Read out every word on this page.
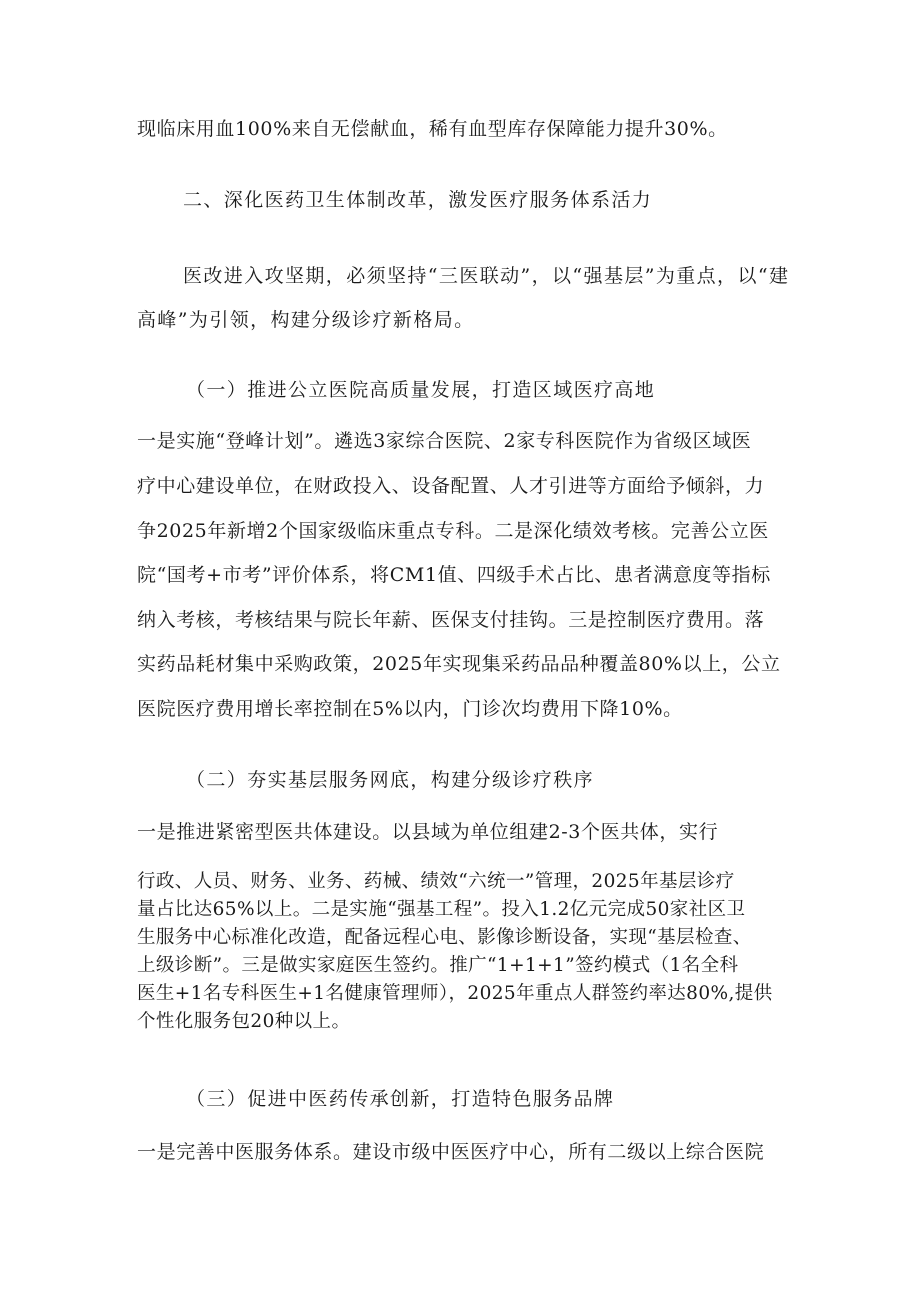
现临床用血100%来自无偿献血，稀有血型库存保障能力提升30%。
二、深化医药卫生体制改革，激发医疗服务体系活力
医改进入攻坚期，必须坚持“三医联动”，以“强基层”为重点，以“建
高峰”为引领，构建分级诊疗新格局。
（一）推进公立医院高质量发展，打造区域医疗高地
一是实施“登峰计划”。遴选3家综合医院、2家专科医院作为省级区域医
疗中心建设单位，在财政投入、设备配置、人才引进等方面给予倾斜，力
争2025年新增2个国家级临床重点专科。二是深化绩效考核。完善公立医
院“国考+市考”评价体系，将CM1值、四级手术占比、患者满意度等指标
纳入考核，考核结果与院长年薪、医保支付挂钩。三是控制医疗费用。落
实药品耗材集中采购政策，2025年实现集采药品品种覆盖80%以上，公立
医院医疗费用增长率控制在5%以内，门诊次均费用下降10%。
（二）夯实基层服务网底，构建分级诊疗秩序
一是推进紧密型医共体建设。以县域为单位组建2-3个医共体，实行
行政、人员、财务、业务、药械、绩效“六统一”管理，2025年基层诊疗
量占比达65%以上。二是实施“强基工程”。投入1.2亿元完成50家社区卫
生服务中心标准化改造，配备远程心电、影像诊断设备，实现“基层检查、
上级诊断”。三是做实家庭医生签约。推广“1+1+1”签约模式（1名全科
医生+1名专科医生+1名健康管理师），2025年重点人群签约率达80%,提供
个性化服务包20种以上。
（三）促进中医药传承创新，打造特色服务品牌
一是完善中医服务体系。建设市级中医医疗中心，所有二级以上综合医院
